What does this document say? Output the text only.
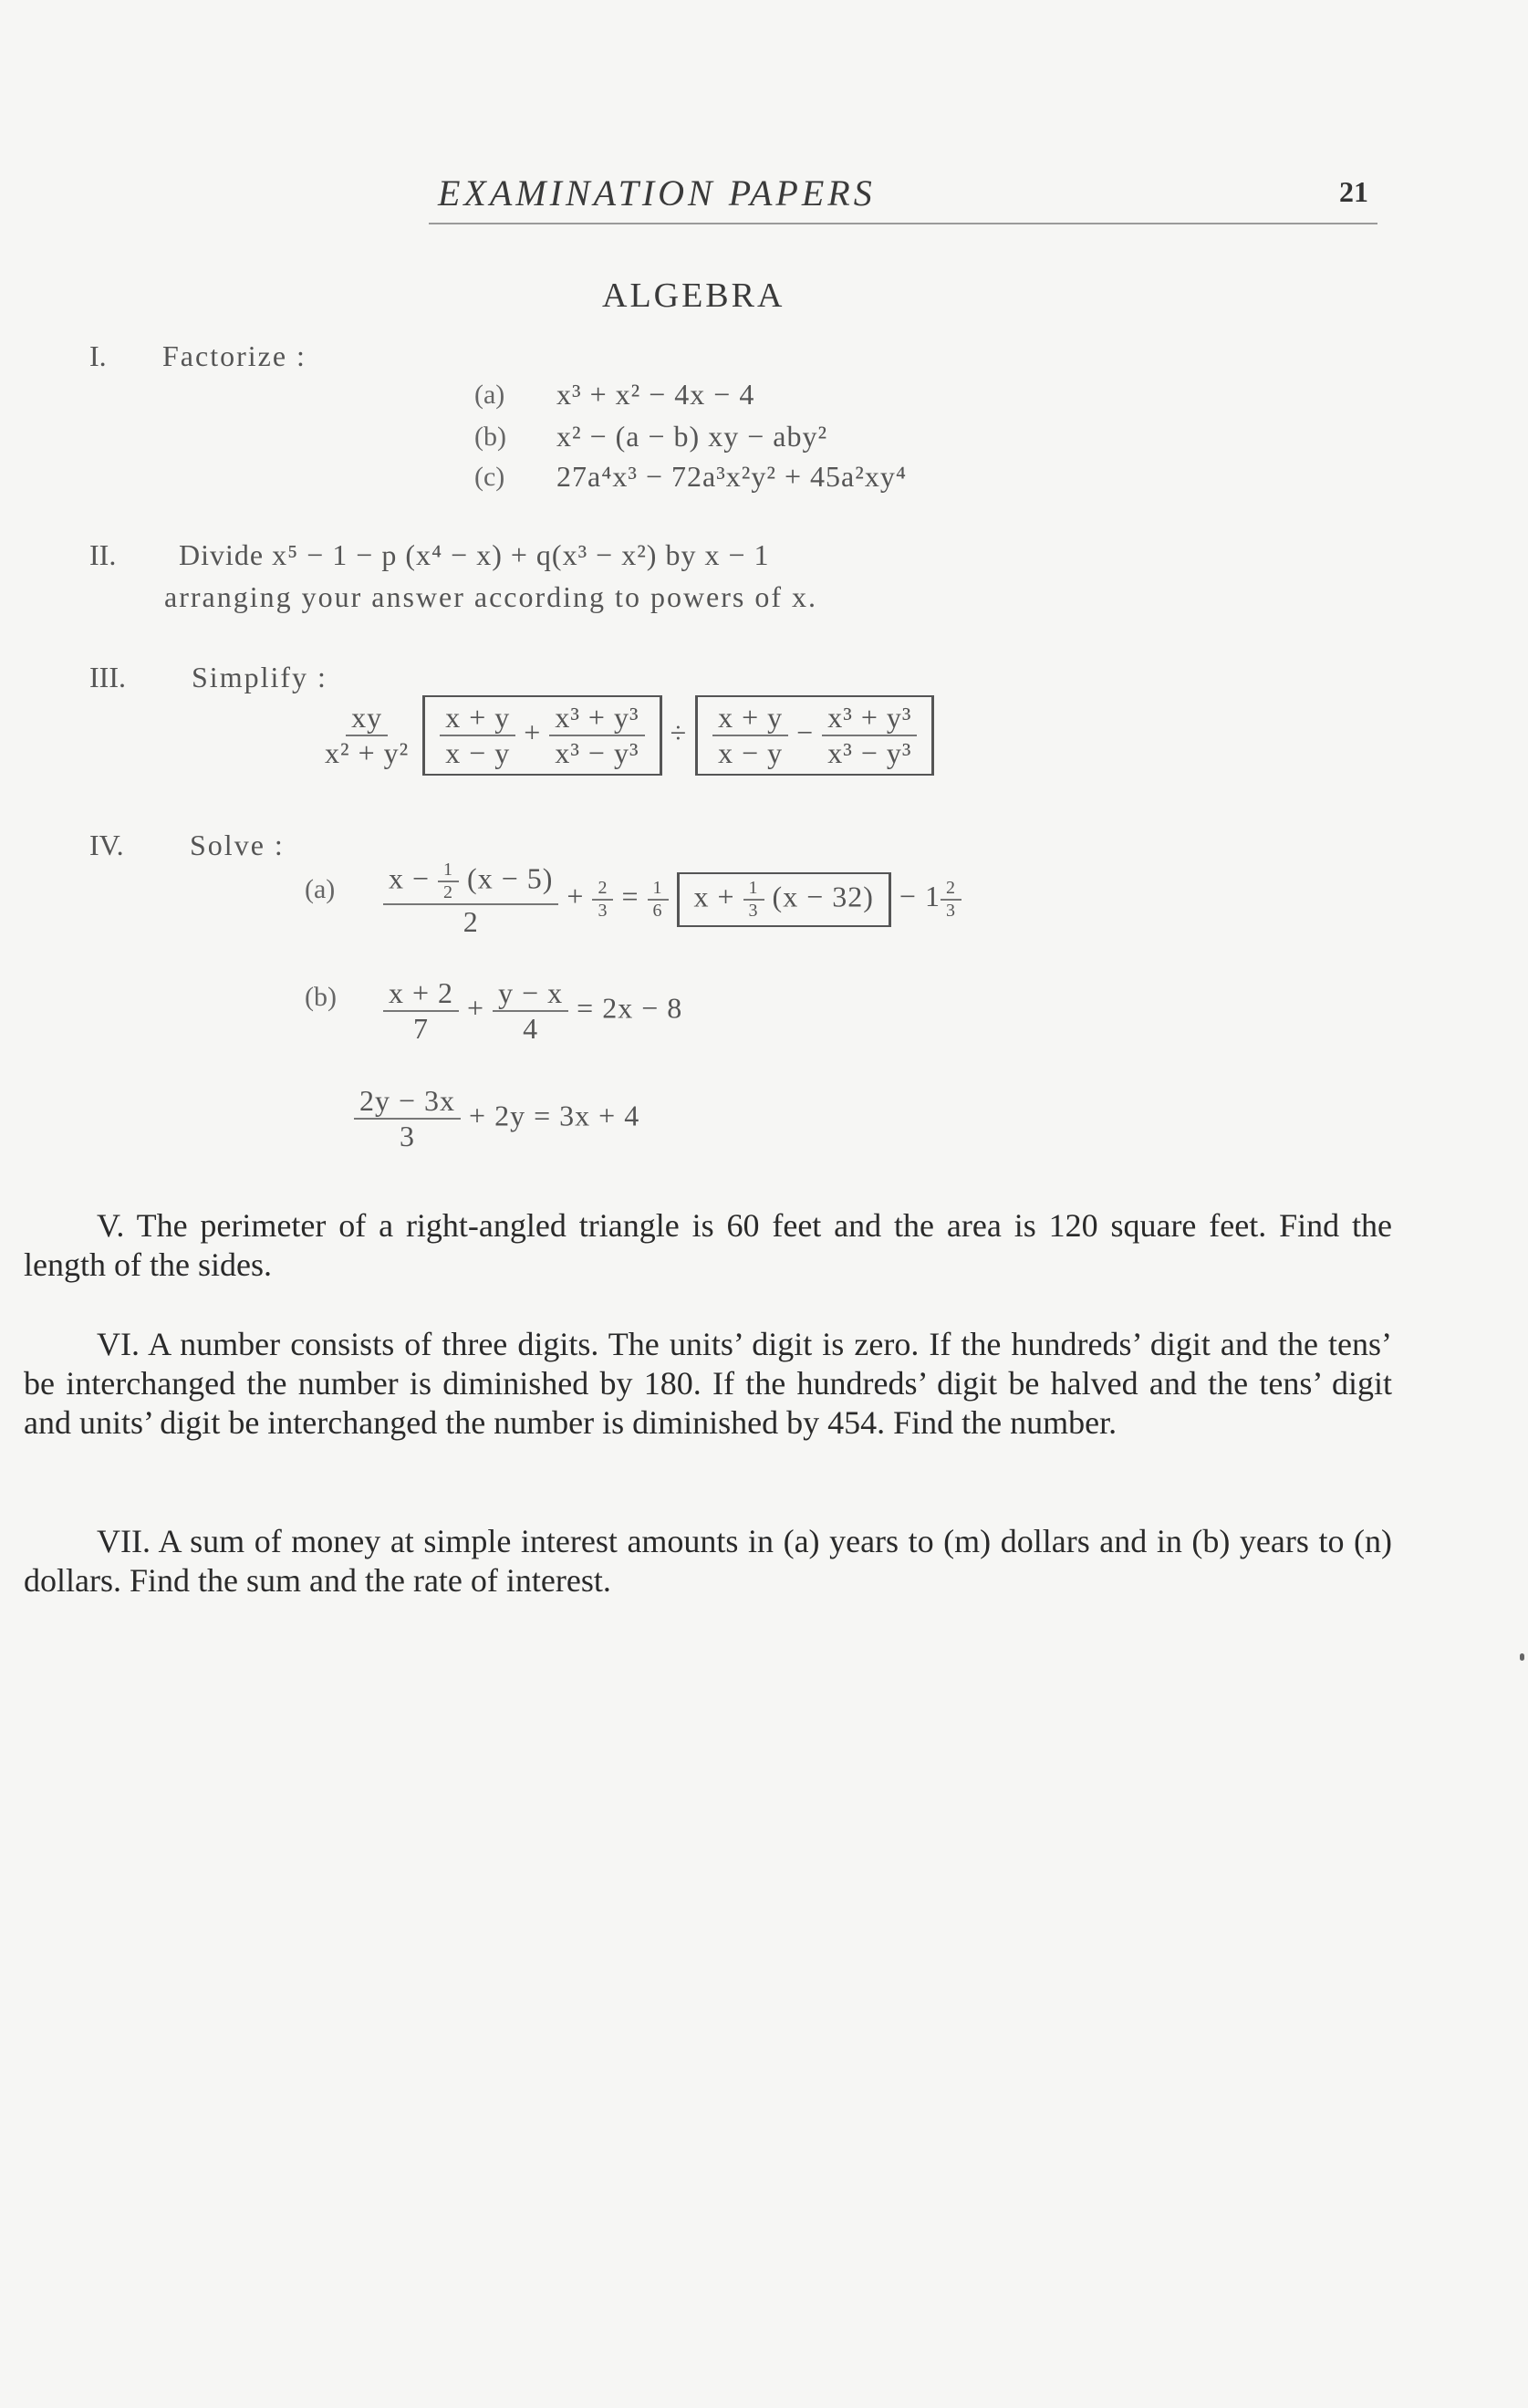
EXAMINATION PAPERS	21
ALGEBRA
I. Factorize :
(a) x³ + x² − 4x − 4
(b) x² − (a − b) xy − aby²
(c) 27a⁴x³ − 72a³x²y² + 45a²xy⁴
II. Divide x⁵ − 1 − p (x⁴ − x) + q(x³ − x²) by x − 1
arranging your answer according to powers of x.
III. Simplify :
$\frac{xy}{\text{x² + y²}}$
$\frac{x + y}{x - y} + \frac{\text{x³ + y³}}{\text{x³ − y³}} \div \frac{x + y}{x - y} - \frac{\text{x³ + y³}}{\text{x³ − y³}}$
IV. Solve :
$(a) \frac{x - \frac{1}{2} (x - 5)}{2} + \frac{2}{3} = \frac{1}{6}$ $x + \frac{1}{3} (x - 32) - 1 \frac{2}{3}$
$(b) \frac{x + 2}{7} + \frac{y - x}{4} = 2x - 8$
$\frac{2y - 3x}{3} + 2y = 3x + 4$

V. The perimeter of a right-angled triangle is 60 feet and the area is 120 square feet. Find the length of the sides.

VI. A number consists of three digits. The units’ digit is zero. If the hundreds’ digit and the tens’ be interchanged the number is diminished by 180. If the hundreds’ digit be halved and the tens’ digit and units’ digit be interchanged the number is diminished by 454. Find the number.

VII. A sum of money at simple interest amounts in (a) years to (m) dollars and in (b) years to (n) dollars. Find the sum and the rate of interest.
